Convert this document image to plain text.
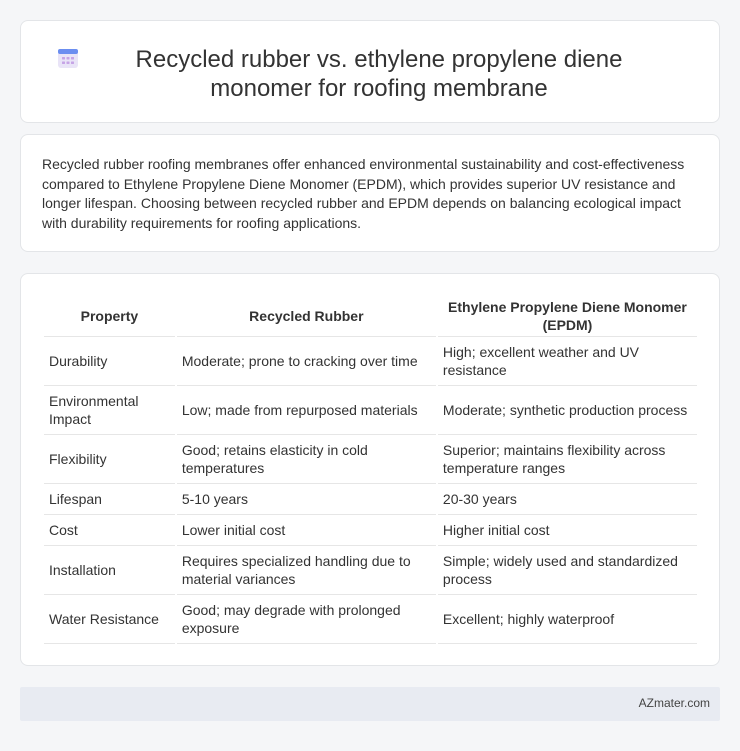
Recycled rubber vs. ethylene propylene diene monomer for roofing membrane

Recycled rubber roofing membranes offer enhanced environmental sustainability and cost-effectiveness compared to Ethylene Propylene Diene Monomer (EPDM), which provides superior UV resistance and longer lifespan. Choosing between recycled rubber and EPDM depends on balancing ecological impact with durability requirements for roofing applications.

Property	Recycled Rubber	Ethylene Propylene Diene Monomer (EPDM)
Durability	Moderate; prone to cracking over time	High; excellent weather and UV resistance
Environmental Impact	Low; made from repurposed materials	Moderate; synthetic production process
Flexibility	Good; retains elasticity in cold temperatures	Superior; maintains flexibility across temperature ranges
Lifespan	5-10 years	20-30 years
Cost	Lower initial cost	Higher initial cost
Installation	Requires specialized handling due to material variances	Simple; widely used and standardized process
Water Resistance	Good; may degrade with prolonged exposure	Excellent; highly waterproof
AZmater.com
